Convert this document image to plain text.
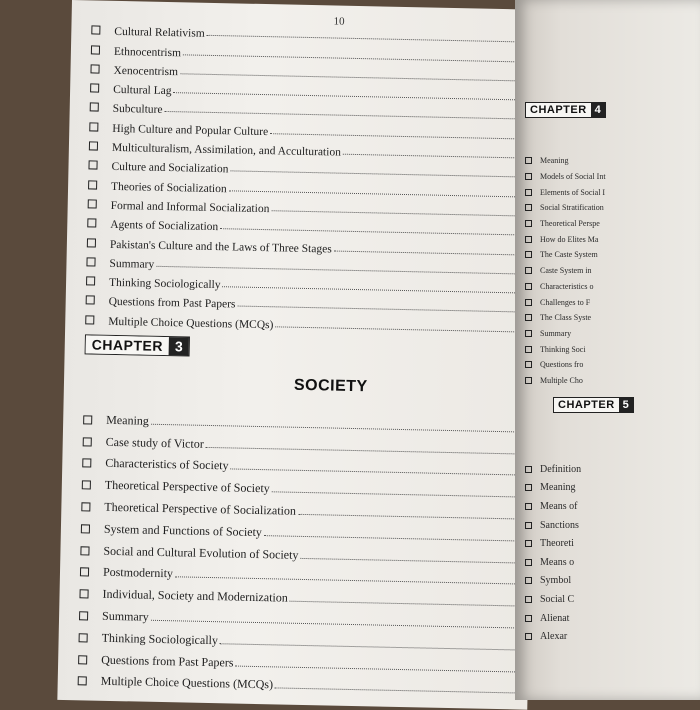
10
Cultural Relativism
Ethnocentrism
Xenocentrism
Cultural Lag
Subculture
High Culture and Popular Culture
Multiculturalism, Assimilation, and Acculturation
Culture and Socialization
Theories of Socialization
Formal and Informal Socialization
Agents of Socialization
Pakistan's Culture and the Laws of Three Stages
Summary
Thinking Sociologically
Questions from Past Papers
Multiple Choice Questions (MCQs)
CHAPTER 3
SOCIETY
Meaning
Case study of Victor
Characteristics of Society
Theoretical Perspective of Society
Theoretical Perspective of Socialization
System and Functions of Society
Social and Cultural Evolution of Society
Postmodernity
Individual, Society and Modernization
Summary
Thinking Sociologically
Questions from Past Papers
Multiple Choice Questions (MCQs)
CHAPTER 4
Meaning
Models of Social Int
Elements of Social I
Social Stratification
Theoretical Perspe
How do Elites Ma
The Caste System
Caste System in
Characteristics o
Challenges to F
The Class Syste
Summary
Thinking Soci
Questions fro
Multiple Cho
CHAPTER 5
Definition
Meaning
Means of
Sanctions
Theoreti
Means o
Symbol
Social C
Alienat
Alexar
